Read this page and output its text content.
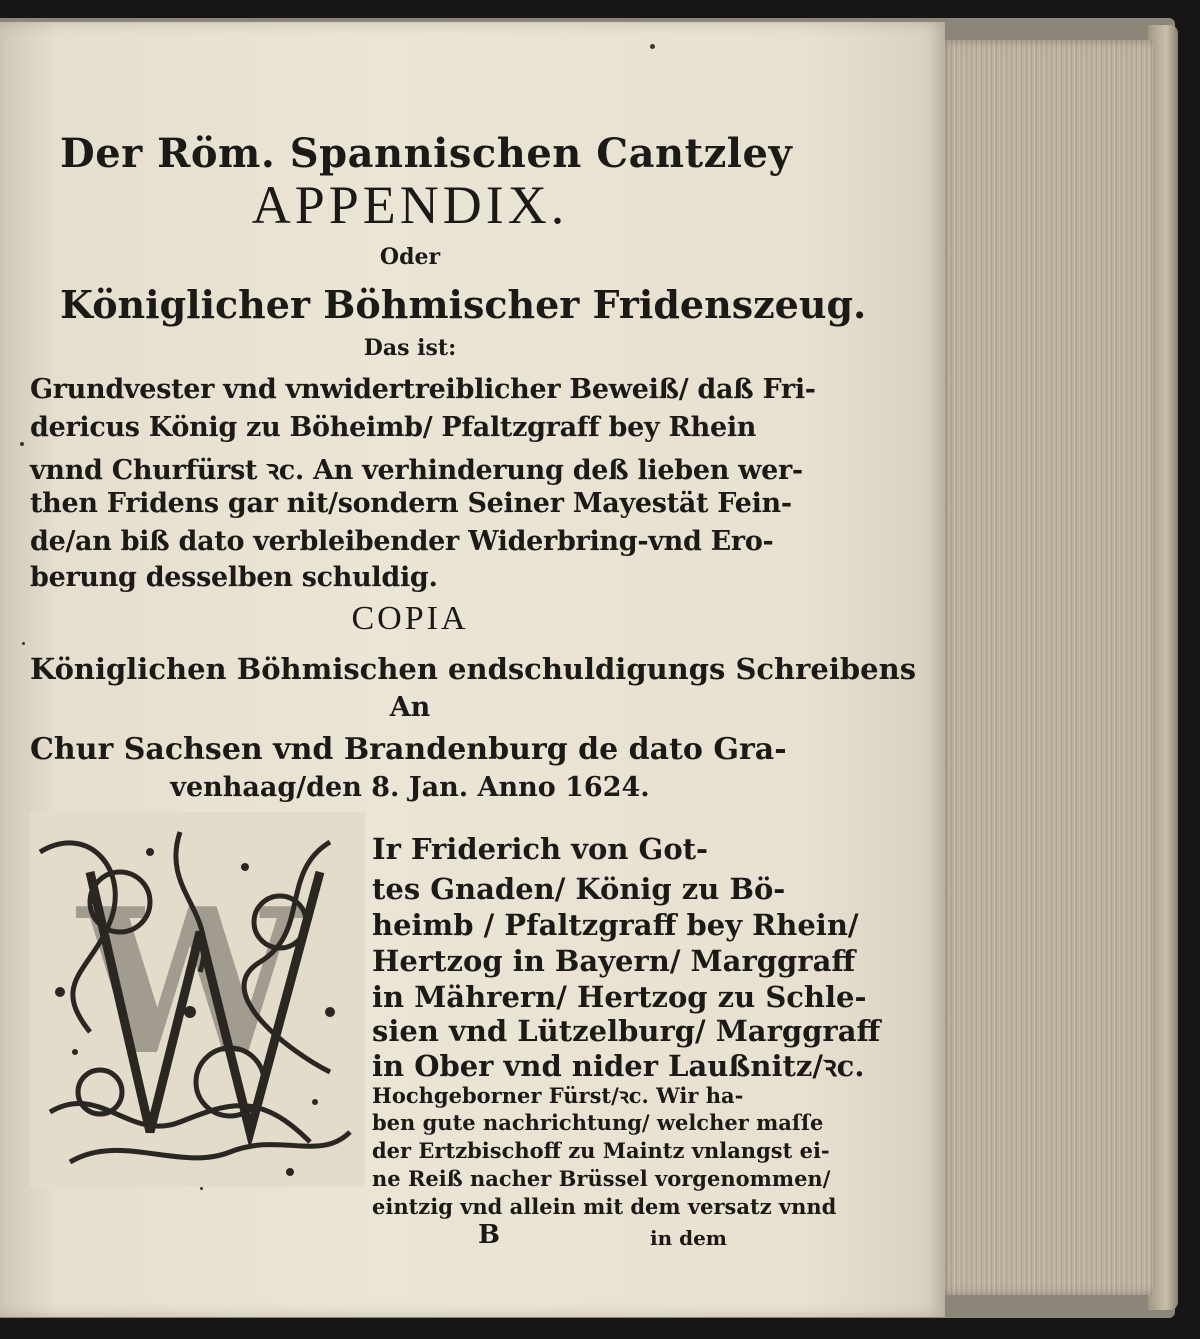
Der Röm. Spannischen Cantzley
APPENDIX.
Oder
Königlicher Böhmischer Fridenszeug.
Das ist:
Grundvester vnd vnwidertreiblicher Beweiß/ daß Fri-
dericus König zu Böheimb/ Pfaltzgraff bey Rhein
vnnd Churfürst ꝛc. An verhinderung deß lieben wer-
then Fridens gar nit/sondern Seiner Mayestät Fein-
de/an biß dato verbleibender Widerbring-vnd Ero-
berung desselben schuldig.
COPIA
Königlichen Böhmischen endschuldigungs Schreibens
An
Chur Sachsen vnd Brandenburg de dato Gra-
venhaag/den 8. Jan. Anno 1624.
W
Ir Friderich von Got-
tes Gnaden/ König zu Bö-
heimb / Pfaltzgraff bey Rhein/
Hertzog in Bayern/ Marggraff
in Mährern/ Hertzog zu Schle-
sien vnd Lützelburg/ Marggraff
in Ober vnd nider Laußnitz/ꝛc.
Hochgeborner Fürst/ꝛc. Wir ha-
ben gute nachrichtung/ welcher maſſe
der Ertzbischoff zu Maintz vnlangst ei-
ne Reiß nacher Brüssel vorgenommen/
eintzig vnd allein mit dem versatz vnnd
B	in dem
